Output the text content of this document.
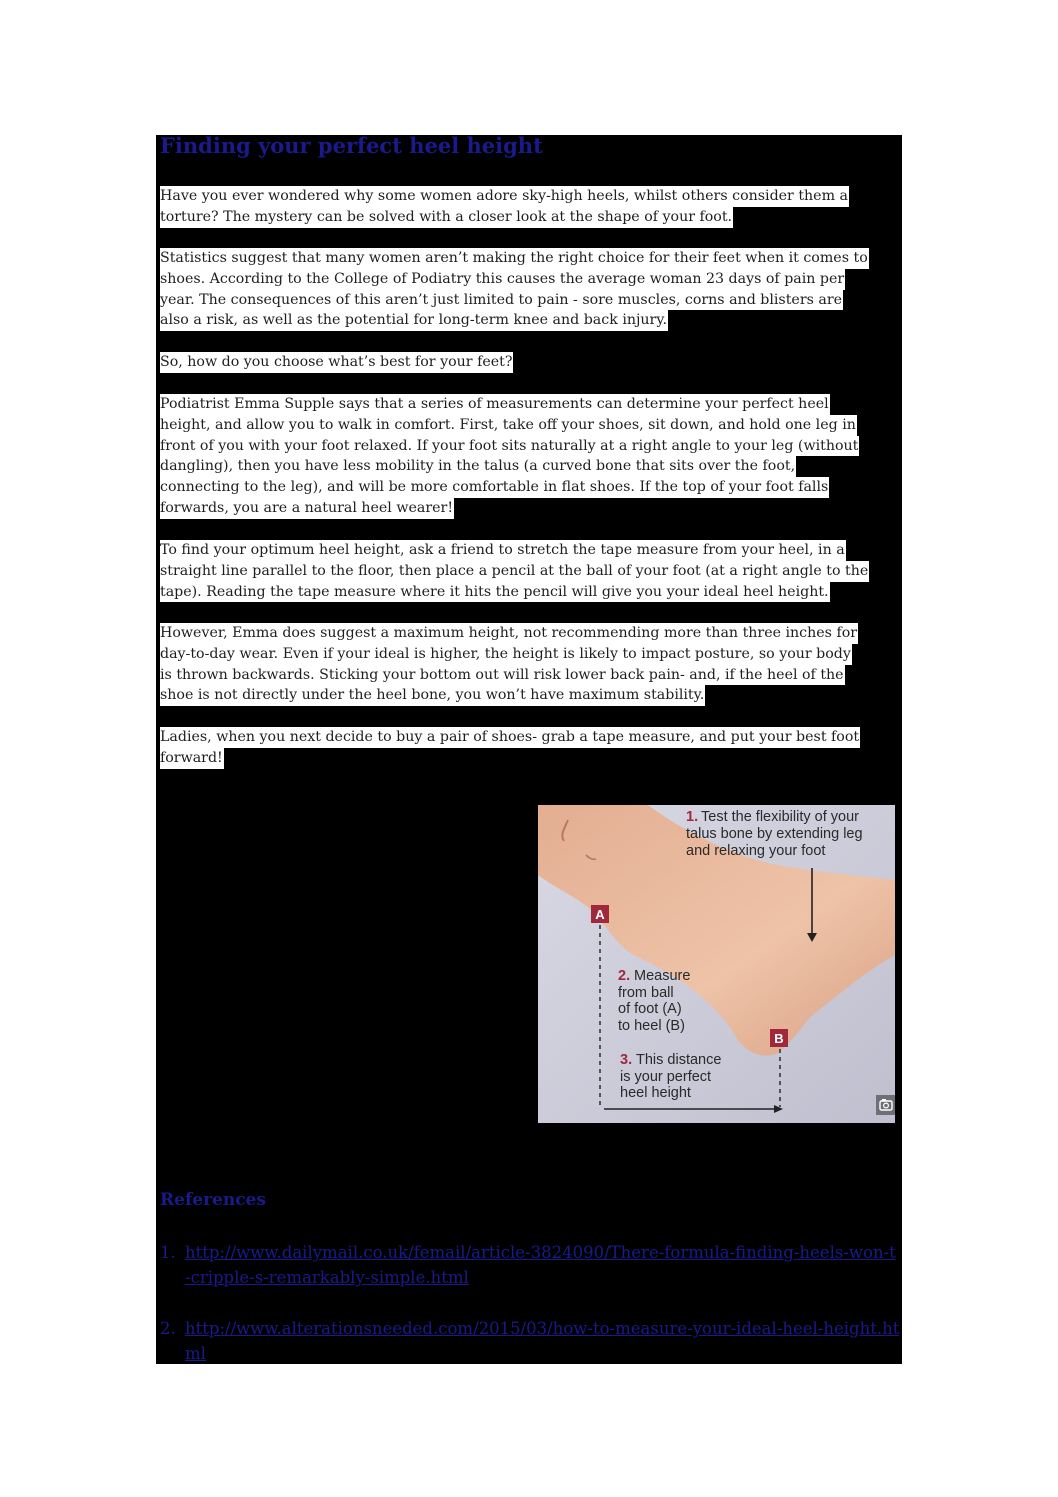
Finding your perfect heel height
Have you ever wondered why some women adore sky-high heels, whilst others consider them a
torture? The mystery can be solved with a closer look at the shape of your foot.
Statistics suggest that many women aren’t making the right choice for their feet when it comes to
shoes. According to the College of Podiatry this causes the average woman 23 days of pain per
year. The consequences of this aren’t just limited to pain - sore muscles, corns and blisters are
also a risk, as well as the potential for long-term knee and back injury.
So, how do you choose what’s best for your feet?
Podiatrist Emma Supple says that a series of measurements can determine your perfect heel
height, and allow you to walk in comfort. First, take off your shoes, sit down, and hold one leg in
front of you with your foot relaxed. If your foot sits naturally at a right angle to your leg (without
dangling), then you have less mobility in the talus (a curved bone that sits over the foot,
connecting to the leg), and will be more comfortable in flat shoes. If the top of your foot falls
forwards, you are a natural heel wearer!
To find your optimum heel height, ask a friend to stretch the tape measure from your heel, in a
straight line parallel to the floor, then place a pencil at the ball of your foot (at a right angle to the
tape). Reading the tape measure where it hits the pencil will give you your ideal heel height.
However, Emma does suggest a maximum height, not recommending more than three inches for
day-to-day wear. Even if your ideal is higher, the height is likely to impact posture, so your body
is thrown backwards. Sticking your bottom out will risk lower back pain- and, if the heel of the
shoe is not directly under the heel bone, you won’t have maximum stability.
Ladies, when you next decide to buy a pair of shoes- grab a tape measure, and put your best foot
forward!
A
B
1. Test the flexibility of your
talus bone by extending leg
and relaxing your foot
2. Measure
from ball
of foot (A)
to heel (B)
3. This distance
is your perfect
heel height
References
1. http://www.dailymail.co.uk/femail/article-3824090/There-formula-finding-heels-won-t-cripple-s-remarkably-simple.html
2. http://www.alterationsneeded.com/2015/03/how-to-measure-your-ideal-heel-height.html
